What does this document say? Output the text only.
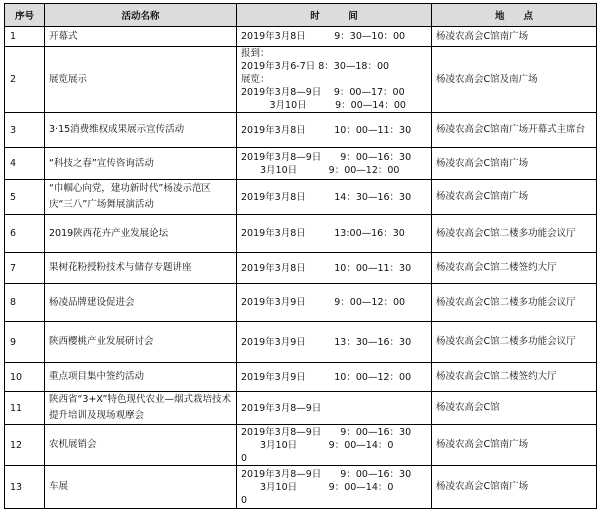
序号	活动名称	时　　　间	地　　点
1	开幕式	2019年3月8日　　　9：30—10：00	杨凌农高会C馆南广场
2	展览展示	报到：
2019年3月6-7日 8：30—18：00
展览：
2019年3月8—9日　 9：00—17：00
　　　3月10日　　　9：00—14：00	杨凌农高会C馆及南广场
3	3·15消费维权成果展示宣传活动	2019年3月8日　　　10：00—11：30	杨凌农高会C馆南广场开幕式主席台
4	“科技之春”宣传咨询活动	2019年3月8—9日　　9：00—16：30
　　3月10日　　　 9：00—12：00	杨凌农高会C馆南广场
5	“巾帼心向党，建功新时代”杨凌示范区庆“三八”广场舞展演活动	2019年3月8日　　　14：30—16：30	杨凌农高会C馆南广场
6	2019陕西花卉产业发展论坛	2019年3月8日　　　13:00—16：30	杨凌农高会C馆二楼多功能会议厅
7	果树花粉授粉技术与储存专题讲座	2019年3月8日　　　10：00—11：30	杨凌农高会C馆二楼签约大厅
8	杨凌品牌建设促进会	2019年3月9日　　　9：00—12：00	杨凌农高会C馆二楼多功能会议厅
9	陕西樱桃产业发展研讨会	2019年3月9日　　　13：30—16：30	杨凌农高会C馆二楼多功能会议厅
10	重点项目集中签约活动	2019年3月9日　　　10：00—12：00	杨凌农高会C馆二楼签约大厅
11	陕西省“3+X”特色现代农业—烟式栽培技术提升培训及现场观摩会	2019年3月8—9日	杨凌农高会C馆
12	农机展销会	2019年3月8—9日　　9：00—16：30
　　3月10日　　　 9：00—14：0
0	杨凌农高会C馆南广场
13	车展	2019年3月8—9日　　9：00—16：30
　　3月10日　　　 9：00—14：0
0	杨凌农高会C馆南广场
